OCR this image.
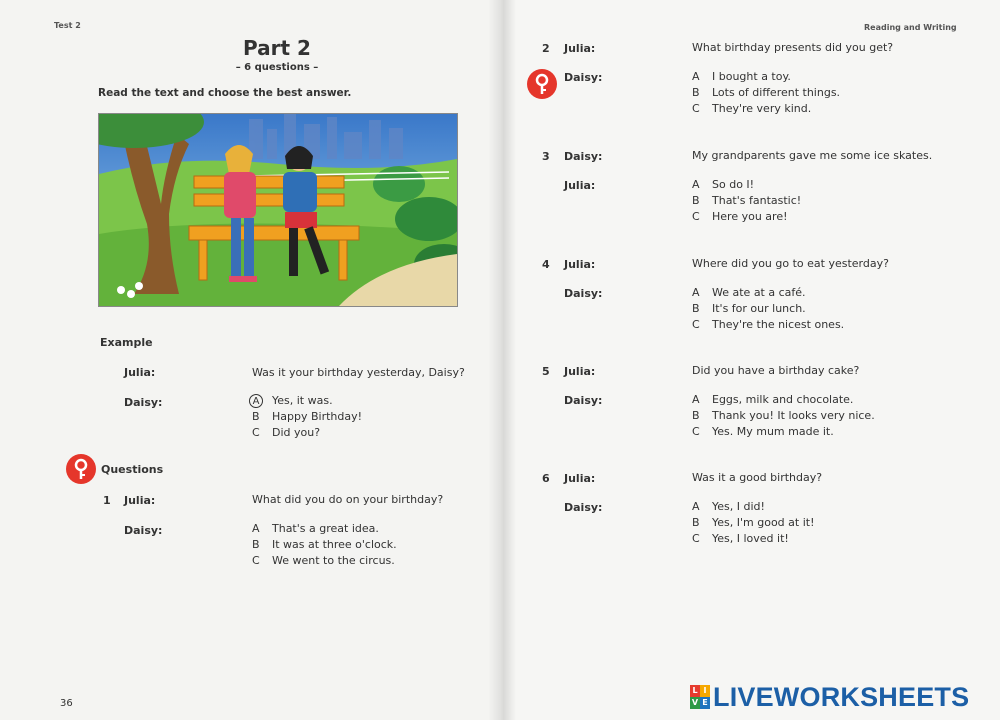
Test 2
Part 2
– 6 questions –
Read the text and choose the best answer.
Example
Julia:	Was it your birthday yesterday, Daisy?
Daisy:	A Yes, it was.
B Happy Birthday!
C Did you?
Questions
1 Julia:	What did you do on your birthday?
Daisy:	A That's a great idea.
B It was at three o'clock.
C We went to the circus.
36
Reading and Writing
2 Julia:	What birthday presents did you get?
Daisy:	A I bought a toy.
B Lots of different things.
C They're very kind.
3 Daisy:	My grandparents gave me some ice skates.
Julia:	A So do I!
B That's fantastic!
C Here you are!
4 Julia:	Where did you go to eat yesterday?
Daisy:	A We ate at a café.
B It's for our lunch.
C They're the nicest ones.
5 Julia:	Did you have a birthday cake?
Daisy:	A Eggs, milk and chocolate.
B Thank you! It looks very nice.
C Yes. My mum made it.
6 Julia:	Was it a good birthday?
Daisy:	A Yes, I did!
B Yes, I'm good at it!
C Yes, I loved it!
L I
V E LIVEWORKSHEETS
